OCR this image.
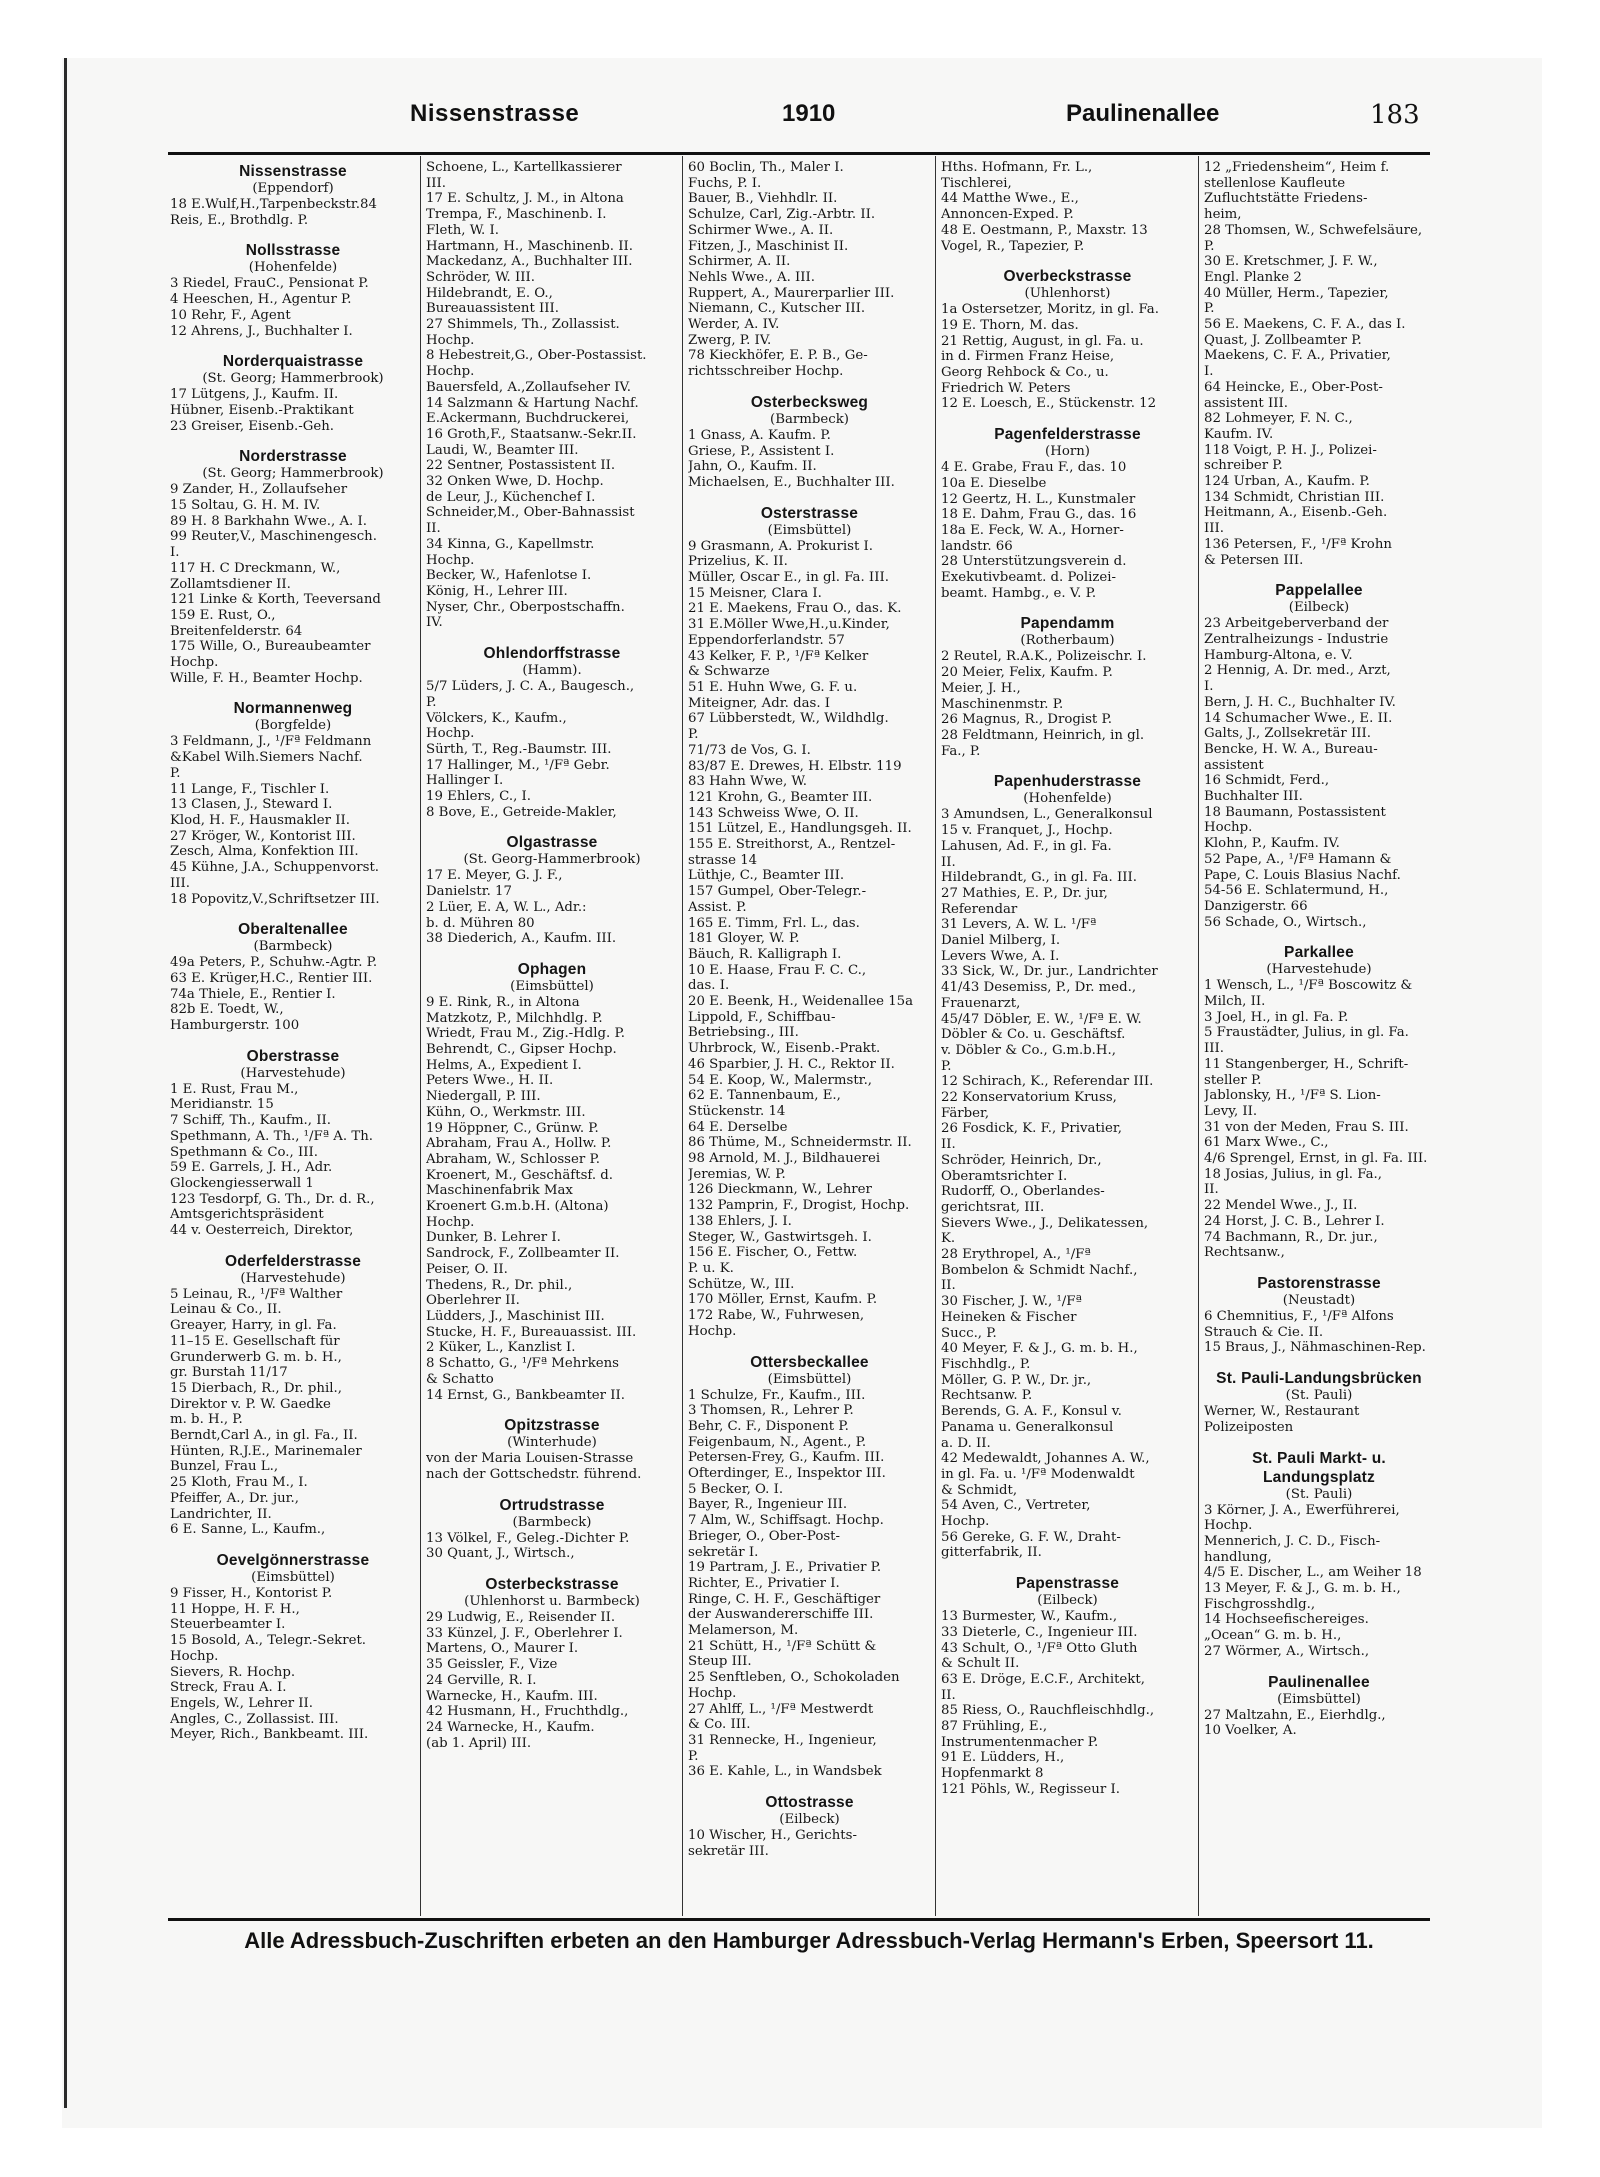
Nissenstrasse	1910	Paulinenallee	183
Nissenstrasse
(Eppendorf)
18 E.Wulf,H.,Tarpenbeckstr.84
Reis, E., Brothdlg. P.
Nollsstrasse
(Hohenfelde)
3 Riedel, FrauC., Pensionat P.
4 Heeschen, H., Agentur P.
10 Rehr, F., Agent
12 Ahrens, J., Buchhalter I.
Norderquaistrasse
(St. Georg; Hammerbrook)
17 Lütgens, J., Kaufm. II.
Hübner, Eisenb.-Praktikant
23 Greiser, Eisenb.-Geh.
Norderstrasse
(St. Georg; Hammerbrook)
9 Zander, H., Zollaufseher
15 Soltau, G. H. M. IV.
89 H. 8 Barkhahn Wwe., A. I.
99 Reuter,V., Maschinengesch.
I.
117 H. C Dreckmann, W.,
Zollamtsdiener II.
121 Linke & Korth, Teeversand
159 E. Rust, O.,
Breitenfelderstr. 64
175 Wille, O., Bureaubeamter
Hochp.
Wille, F. H., Beamter Hochp.
Normannenweg
(Borgfelde)
3 Feldmann, J., ¹/Fª Feldmann
&Kabel Wilh.Siemers Nachf.
P.
11 Lange, F., Tischler I.
13 Clasen, J., Steward I.
Klod, H. F., Hausmakler II.
27 Kröger, W., Kontorist III.
Zesch, Alma, Konfektion III.
45 Kühne, J.A., Schuppenvorst.
III.
18 Popovitz,V.,Schriftsetzer III.
Oberaltenallee
(Barmbeck)
49a Peters, P., Schuhw.-Agtr. P.
63 E. Krüger,H.C., Rentier III.
74a Thiele, E., Rentier I.
82b E. Toedt, W.,
Hamburgerstr. 100
Oberstrasse
(Harvestehude)
1 E. Rust, Frau M.,
Meridianstr. 15
7 Schiff, Th., Kaufm., II.
Spethmann, A. Th., ¹/Fª A. Th.
Spethmann & Co., III.
59 E. Garrels, J. H., Adr.
Glockengiesserwall 1
123 Tesdorpf, G. Th., Dr. d. R.,
Amtsgerichtspräsident
44 v. Oesterreich, Direktor,
Oderfelderstrasse
(Harvestehude)
5 Leinau, R., ¹/Fª Walther
Leinau & Co., II.
Greayer, Harry, in gl. Fa.
11–15 E. Gesellschaft für
Grunderwerb G. m. b. H.,
gr. Burstah 11/17
15 Dierbach, R., Dr. phil.,
Direktor v. P. W. Gaedke
m. b. H., P.
Berndt,Carl A., in gl. Fa., II.
Hünten, R.J.E., Marinemaler
Bunzel, Frau L.,
25 Kloth, Frau M., I.
Pfeiffer, A., Dr. jur.,
Landrichter, II.
6 E. Sanne, L., Kaufm.,
Oevelgönnerstrasse
(Eimsbüttel)
9 Fisser, H., Kontorist P.
11 Hoppe, H. F. H.,
Steuerbeamter I.
15 Bosold, A., Telegr.-Sekret.
Hochp.
Sievers, R. Hochp.
Streck, Frau A. I.
Engels, W., Lehrer II.
Angles, C., Zollassist. III.
Meyer, Rich., Bankbeamt. III.
Schoene, L., Kartellkassierer
III.
17 E. Schultz, J. M., in Altona
Trempa, F., Maschinenb. I.
Fleth, W. I.
Hartmann, H., Maschinenb. II.
Mackedanz, A., Buchhalter III.
Schröder, W. III.
Hildebrandt, E. O.,
Bureauassistent III.
27 Shimmels, Th., Zollassist.
Hochp.
8 Hebestreit,G., Ober-Postassist.
Hochp.
Bauersfeld, A.,Zollaufseher IV.
14 Salzmann & Hartung Nachf.
E.Ackermann, Buchdruckerei,
16 Groth,F., Staatsanw.-Sekr.II.
Laudi, W., Beamter III.
22 Sentner, Postassistent II.
32 Onken Wwe, D. Hochp.
de Leur, J., Küchenchef I.
Schneider,M., Ober-Bahnassist
II.
34 Kinna, G., Kapellmstr.
Hochp.
Becker, W., Hafenlotse I.
König, H., Lehrer III.
Nyser, Chr., Oberpostschaffn.
IV.
Ohlendorffstrasse
(Hamm).
5/7 Lüders, J. C. A., Baugesch.,
P.
Völckers, K., Kaufm.,
Hochp.
Sürth, T., Reg.-Baumstr. III.
17 Hallinger, M., ¹/Fª Gebr.
Hallinger I.
19 Ehlers, C., I.
8 Bove, E., Getreide-Makler,
Olgastrasse
(St. Georg-Hammerbrook)
17 E. Meyer, G. J. F.,
Danielstr. 17
2 Lüer, E. A, W. L., Adr.:
b. d. Mühren 80
38 Diederich, A., Kaufm. III.
Ophagen
(Eimsbüttel)
9 E. Rink, R., in Altona
Matzkotz, P., Milchhdlg. P.
Wriedt, Frau M., Zig.-Hdlg. P.
Behrendt, C., Gipser Hochp.
Helms, A., Expedient I.
Peters Wwe., H. II.
Niedergall, P. III.
Kühn, O., Werkmstr. III.
19 Höppner, C., Grünw. P.
Abraham, Frau A., Hollw. P.
Abraham, W., Schlosser P.
Kroenert, M., Geschäftsf. d.
Maschinenfabrik Max
Kroenert G.m.b.H. (Altona)
Hochp.
Dunker, B. Lehrer I.
Sandrock, F., Zollbeamter II.
Peiser, O. II.
Thedens, R., Dr. phil.,
Oberlehrer II.
Lüdders, J., Maschinist III.
Stucke, H. F., Bureauassist. III.
2 Küker, L., Kanzlist I.
8 Schatto, G., ¹/Fª Mehrkens
& Schatto
14 Ernst, G., Bankbeamter II.
Opitzstrasse
(Winterhude)
von der Maria Louisen-Strasse
nach der Gottschedstr. führend.
Ortrudstrasse
(Barmbeck)
13 Völkel, F., Geleg.-Dichter P.
30 Quant, J., Wirtsch.,
Osterbeckstrasse
(Uhlenhorst u. Barmbeck)
29 Ludwig, E., Reisender II.
33 Künzel, J. F., Oberlehrer I.
Martens, O., Maurer I.
35 Geissler, F., Vize
24 Gerville, R. I.
Warnecke, H., Kaufm. III.
42 Husmann, H., Fruchthdlg.,
24 Warnecke, H., Kaufm.
(ab 1. April) III.
60 Boclin, Th., Maler I.
Fuchs, P. I.
Bauer, B., Viehhdlr. II.
Schulze, Carl, Zig.-Arbtr. II.
Schirmer Wwe., A. II.
Fitzen, J., Maschinist II.
Schirmer, A. II.
Nehls Wwe., A. III.
Ruppert, A., Maurerparlier III.
Niemann, C., Kutscher III.
Werder, A. IV.
Zwerg, P. IV.
78 Kieckhöfer, E. P. B., Ge-
richtsschreiber Hochp.
Osterbecksweg
(Barmbeck)
1 Gnass, A. Kaufm. P.
Griese, P., Assistent I.
Jahn, O., Kaufm. II.
Michaelsen, E., Buchhalter III.
Osterstrasse
(Eimsbüttel)
9 Grasmann, A. Prokurist I.
Prizelius, K. II.
Müller, Oscar E., in gl. Fa. III.
15 Meisner, Clara I.
21 E. Maekens, Frau O., das. K.
31 E.Möller Wwe,H.,u.Kinder,
Eppendorferlandstr. 57
43 Kelker, F. P., ¹/Fª Kelker
& Schwarze
51 E. Huhn Wwe, G. F. u.
Miteigner, Adr. das. I
67 Lübberstedt, W., Wildhdlg.
P.
71/73 de Vos, G. I.
83/87 E. Drewes, H. Elbstr. 119
83 Hahn Wwe, W.
121 Krohn, G., Beamter III.
143 Schweiss Wwe, O. II.
151 Lützel, E., Handlungsgeh. II.
155 E. Streithorst, A., Rentzel-
strasse 14
Lüthje, C., Beamter III.
157 Gumpel, Ober-Telegr.-
Assist. P.
165 E. Timm, Frl. L., das.
181 Gloyer, W. P.
Bäuch, R. Kalligraph I.
10 E. Haase, Frau F. C. C.,
das. I.
20 E. Beenk, H., Weidenallee 15a
Lippold, F., Schiffbau-
Betriebsing., III.
Uhrbrock, W., Eisenb.-Prakt.
46 Sparbier, J. H. C., Rektor II.
54 E. Koop, W., Malermstr.,
62 E. Tannenbaum, E.,
Stückenstr. 14
64 E. Derselbe
86 Thüme, M., Schneidermstr. II.
98 Arnold, M. J., Bildhauerei
Jeremias, W. P.
126 Dieckmann, W., Lehrer
132 Pamprin, F., Drogist, Hochp.
138 Ehlers, J. I.
Steger, W., Gastwirtsgeh. I.
156 E. Fischer, O., Fettw.
P. u. K.
Schütze, W., III.
170 Möller, Ernst, Kaufm. P.
172 Rabe, W., Fuhrwesen,
Hochp.
Ottersbeckallee
(Eimsbüttel)
1 Schulze, Fr., Kaufm., III.
3 Thomsen, R., Lehrer P.
Behr, C. F., Disponent P.
Feigenbaum, N., Agent., P.
Petersen-Frey, G., Kaufm. III.
Ofterdinger, E., Inspektor III.
5 Becker, O. I.
Bayer, R., Ingenieur III.
7 Alm, W., Schiffsagt. Hochp.
Brieger, O., Ober-Post-
sekretär I.
19 Partram, J. E., Privatier P.
Richter, E., Privatier I.
Ringe, C. H. F., Geschäftiger
der Auswandererschiffe III.
Melamerson, M.
21 Schütt, H., ¹/Fª Schütt &
Steup III.
25 Senftleben, O., Schokoladen
Hochp.
27 Ahlff, L., ¹/Fª Mestwerdt
& Co. III.
31 Rennecke, H., Ingenieur,
P.
36 E. Kahle, L., in Wandsbek
Ottostrasse
(Eilbeck)
10 Wischer, H., Gerichts-
sekretär III.
Hths. Hofmann, Fr. L.,
Tischlerei,
44 Matthe Wwe., E.,
Annoncen-Exped. P.
48 E. Oestmann, P., Maxstr. 13
Vogel, R., Tapezier, P.
Overbeckstrasse
(Uhlenhorst)
1a Ostersetzer, Moritz, in gl. Fa.
19 E. Thorn, M. das.
21 Rettig, August, in gl. Fa. u.
in d. Firmen Franz Heise,
Georg Rehbock & Co., u.
Friedrich W. Peters
12 E. Loesch, E., Stückenstr. 12
Pagenfelderstrasse
(Horn)
4 E. Grabe, Frau F., das. 10
10a E. Dieselbe
12 Geertz, H. L., Kunstmaler
18 E. Dahm, Frau G., das. 16
18a E. Feck, W. A., Horner-
landstr. 66
28 Unterstützungsverein d.
Exekutivbeamt. d. Polizei-
beamt. Hambg., e. V. P.
Papendamm
(Rotherbaum)
2 Reutel, R.A.K., Polizeischr. I.
20 Meier, Felix, Kaufm. P.
Meier, J. H.,
Maschinenmstr. P.
26 Magnus, R., Drogist P.
28 Feldtmann, Heinrich, in gl.
Fa., P.
Papenhuderstrasse
(Hohenfelde)
3 Amundsen, L., Generalkonsul
15 v. Franquet, J., Hochp.
Lahusen, Ad. F., in gl. Fa.
II.
Hildebrandt, G., in gl. Fa. III.
27 Mathies, E. P., Dr. jur,
Referendar
31 Levers, A. W. L. ¹/Fª
Daniel Milberg, I.
Levers Wwe, A. I.
33 Sick, W., Dr. jur., Landrichter
41/43 Desemiss, P., Dr. med.,
Frauenarzt,
45/47 Döbler, E. W., ¹/Fª E. W.
Döbler & Co. u. Geschäftsf.
v. Döbler & Co., G.m.b.H.,
P.
12 Schirach, K., Referendar III.
22 Konservatorium Kruss,
Färber,
26 Fosdick, K. F., Privatier,
II.
Schröder, Heinrich, Dr.,
Oberamtsrichter I.
Rudorff, O., Oberlandes-
gerichtsrat, III.
Sievers Wwe., J., Delikatessen,
K.
28 Erythropel, A., ¹/Fª
Bombelon & Schmidt Nachf.,
II.
30 Fischer, J. W., ¹/Fª
Heineken & Fischer
Succ., P.
40 Meyer, F. & J., G. m. b. H.,
Fischhdlg., P.
Möller, G. P. W., Dr. jr.,
Rechtsanw. P.
Berends, G. A. F., Konsul v.
Panama u. Generalkonsul
a. D. II.
42 Medewaldt, Johannes A. W.,
in gl. Fa. u. ¹/Fª Modenwaldt
& Schmidt,
54 Aven, C., Vertreter,
Hochp.
56 Gereke, G. F. W., Draht-
gitterfabrik, II.
Papenstrasse
(Eilbeck)
13 Burmester, W., Kaufm.,
33 Dieterle, C., Ingenieur III.
43 Schult, O., ¹/Fª Otto Gluth
& Schult II.
63 E. Dröge, E.C.F., Architekt,
II.
85 Riess, O., Rauchfleischhdlg.,
87 Frühling, E.,
Instrumentenmacher P.
91 E. Lüdders, H.,
Hopfenmarkt 8
121 Pöhls, W., Regisseur I.
12 „Friedensheim“, Heim f.
stellenlose Kaufleute
Zufluchtstätte Friedens-
heim,
28 Thomsen, W., Schwefelsäure,
P.
30 E. Kretschmer, J. F. W.,
Engl. Planke 2
40 Müller, Herm., Tapezier,
P.
56 E. Maekens, C. F. A., das I.
Quast, J. Zollbeamter P.
Maekens, C. F. A., Privatier,
I.
64 Heincke, E., Ober-Post-
assistent III.
82 Lohmeyer, F. N. C.,
Kaufm. IV.
118 Voigt, P. H. J., Polizei-
schreiber P.
124 Urban, A., Kaufm. P.
134 Schmidt, Christian III.
Heitmann, A., Eisenb.-Geh.
III.
136 Petersen, F., ¹/Fª Krohn
& Petersen III.
Pappelallee
(Eilbeck)
23 Arbeitgeberverband der
Zentralheizungs - Industrie
Hamburg-Altona, e. V.
2 Hennig, A. Dr. med., Arzt,
I.
Bern, J. H. C., Buchhalter IV.
14 Schumacher Wwe., E. II.
Galts, J., Zollsekretär III.
Bencke, H. W. A., Bureau-
assistent
16 Schmidt, Ferd.,
Buchhalter III.
18 Baumann, Postassistent
Hochp.
Klohn, P., Kaufm. IV.
52 Pape, A., ¹/Fª Hamann &
Pape, C. Louis Blasius Nachf.
54-56 E. Schlatermund, H.,
Danzigerstr. 66
56 Schade, O., Wirtsch.,
Parkallee
(Harvestehude)
1 Wensch, L., ¹/Fª Boscowitz &
Milch, II.
3 Joel, H., in gl. Fa. P.
5 Fraustädter, Julius, in gl. Fa.
III.
11 Stangenberger, H., Schrift-
steller P.
Jablonsky, H., ¹/Fª S. Lion-
Levy, II.
31 von der Meden, Frau S. III.
61 Marx Wwe., C.,
4/6 Sprengel, Ernst, in gl. Fa. III.
18 Josias, Julius, in gl. Fa.,
II.
22 Mendel Wwe., J., II.
24 Horst, J. C. B., Lehrer I.
74 Bachmann, R., Dr. jur.,
Rechtsanw.,
Pastorenstrasse
(Neustadt)
6 Chemnitius, F., ¹/Fª Alfons
Strauch & Cie. II.
15 Braus, J., Nähmaschinen-Rep.
St. Pauli-Landungsbrücken
(St. Pauli)
Werner, W., Restaurant
Polizeiposten
St. Pauli Markt- u. Landungsplatz
(St. Pauli)
3 Körner, J. A., Ewerführerei,
Hochp.
Mennerich, J. C. D., Fisch-
handlung,
4/5 E. Discher, L., am Weiher 18
13 Meyer, F. & J., G. m. b. H.,
Fischgrosshdlg.,
14 Hochseefischereiges.
„Ocean“ G. m. b. H.,
27 Wörmer, A., Wirtsch.,
Paulinenallee
(Eimsbüttel)
27 Maltzahn, E., Eierhdlg.,
10 Voelker, A.
Alle Adressbuch-Zuschriften erbeten an den Hamburger Adressbuch-Verlag Hermann's Erben, Speersort 11.
